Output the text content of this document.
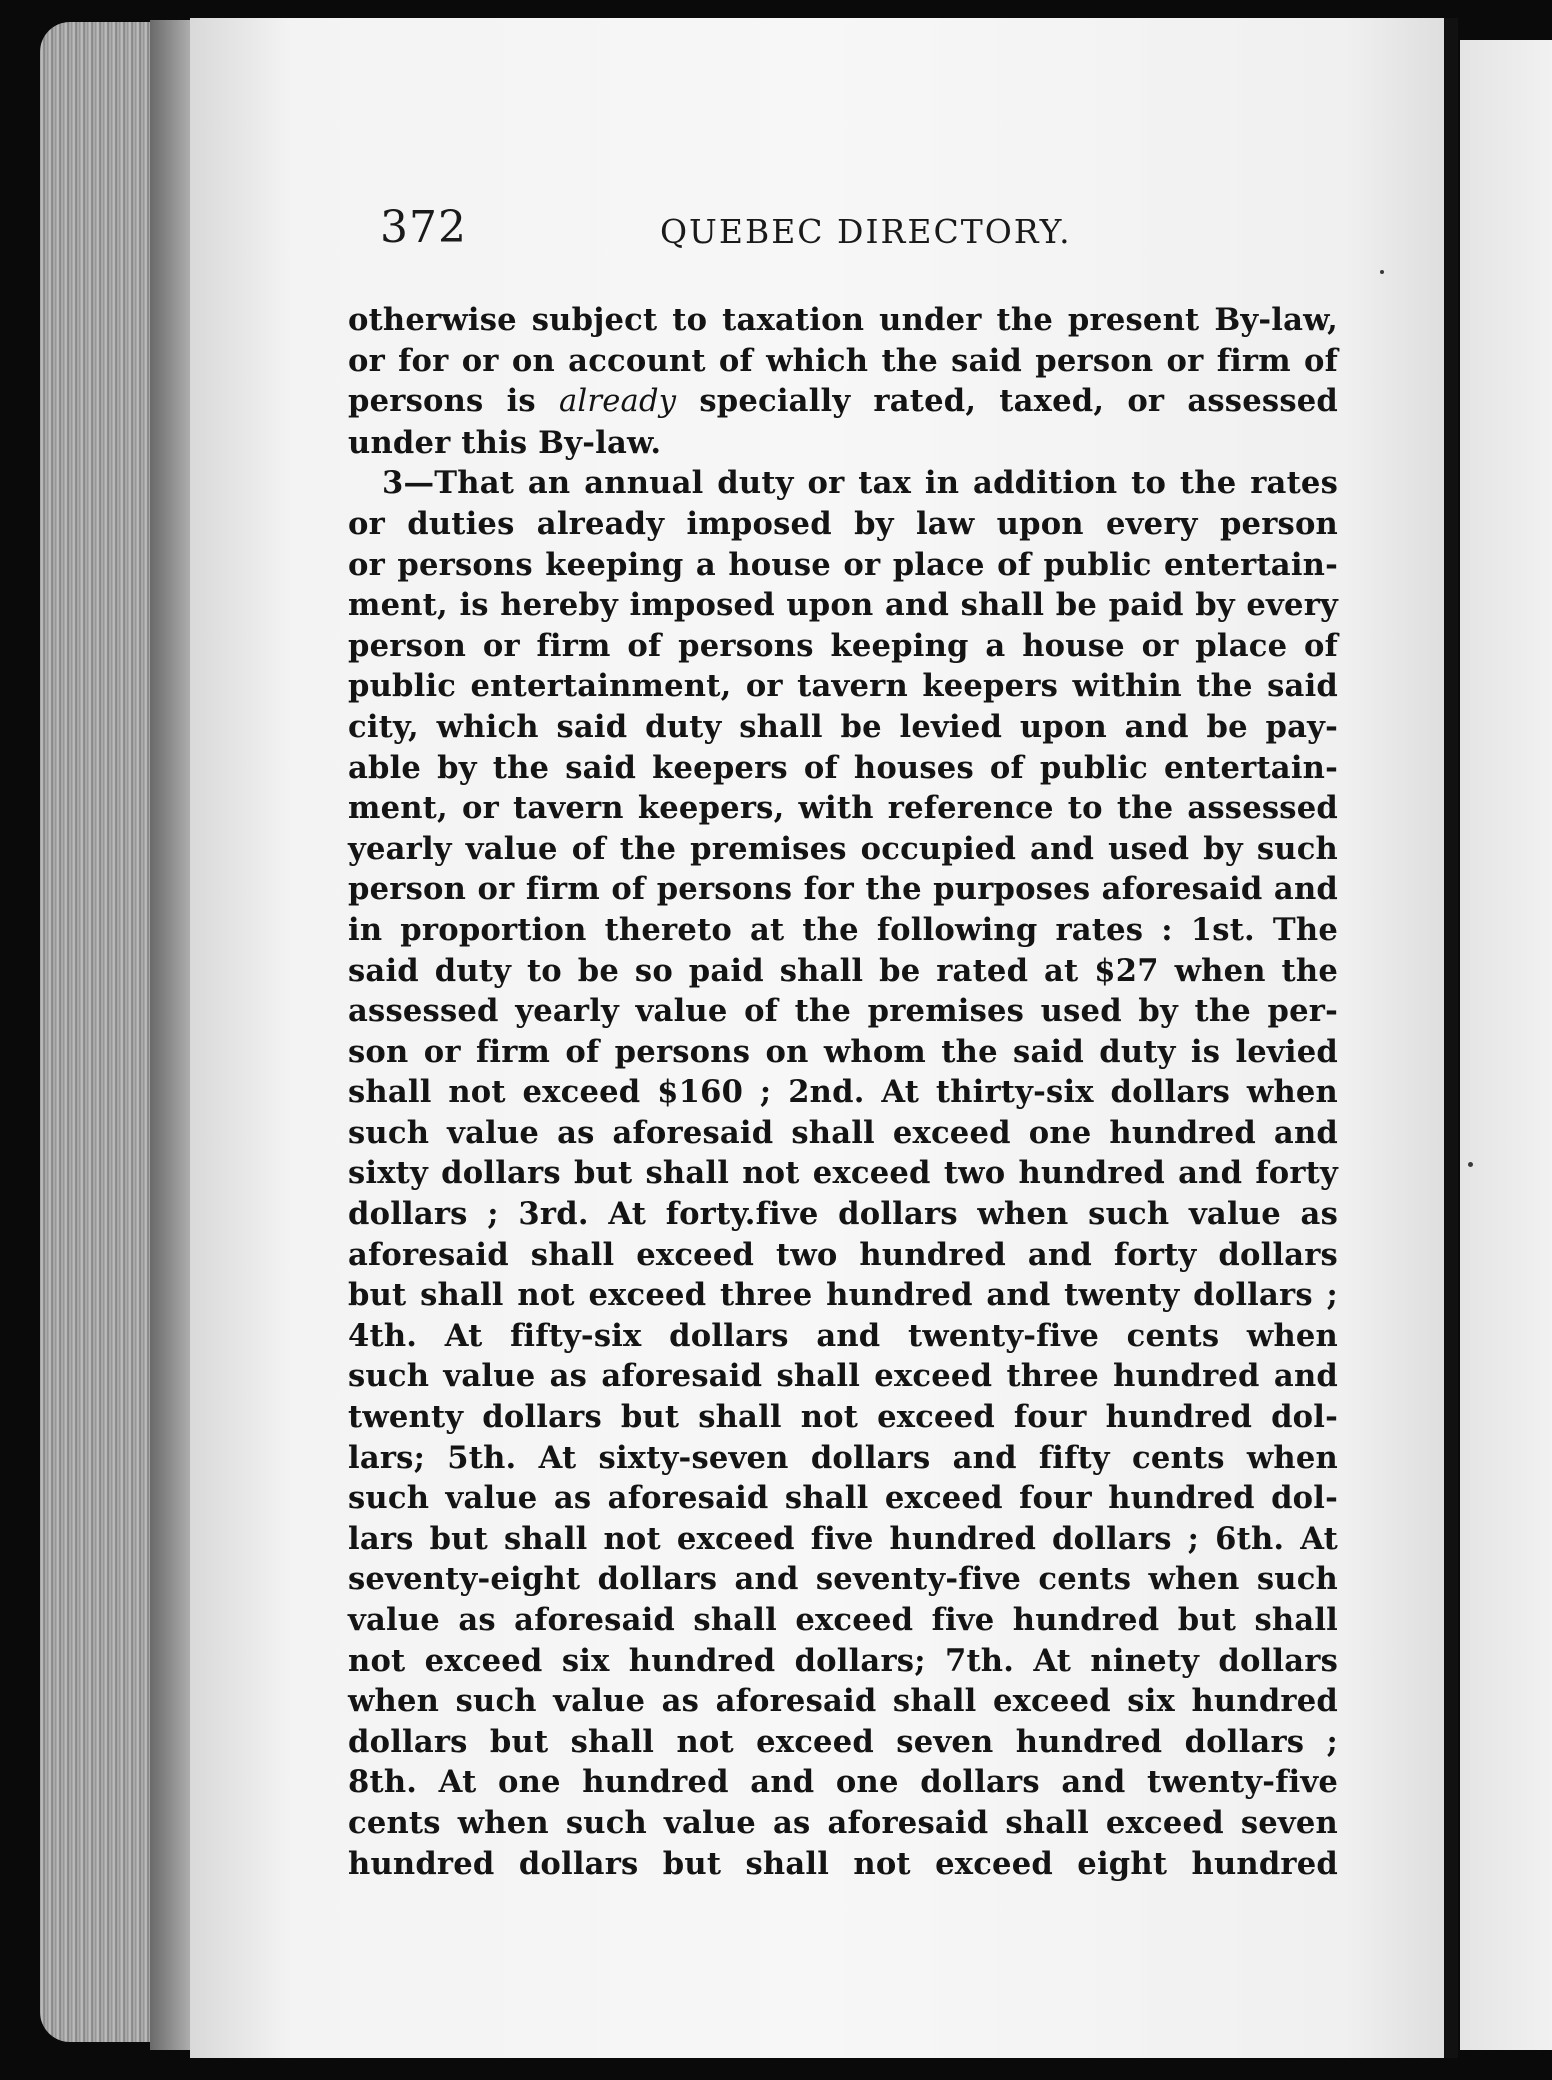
372	QUEBEC DIRECTORY.
otherwise subject to taxation under the present By-law,
or for or on account of which the said person or firm of
persons is already specially rated, taxed, or assessed
under this By-law.
3—That an annual duty or tax in addition to the rates
or duties already imposed by law upon every person
or persons keeping a house or place of public entertain-
ment, is hereby imposed upon and shall be paid by every
person or firm of persons keeping a house or place of
public entertainment, or tavern keepers within the said
city, which said duty shall be levied upon and be pay-
able by the said keepers of houses of public entertain-
ment, or tavern keepers, with reference to the assessed
yearly value of the premises occupied and used by such
person or firm of persons for the purposes aforesaid and
in proportion thereto at the following rates : 1st. The
said duty to be so paid shall be rated at $27 when the
assessed yearly value of the premises used by the per-
son or firm of persons on whom the said duty is levied
shall not exceed $160 ; 2nd. At thirty-six dollars when
such value as aforesaid shall exceed one hundred and
sixty dollars but shall not exceed two hundred and forty
dollars ; 3rd. At forty.five dollars when such value as
aforesaid shall exceed two hundred and forty dollars
but shall not exceed three hundred and twenty dollars ;
4th. At fifty-six dollars and twenty-five cents when
such value as aforesaid shall exceed three hundred and
twenty dollars but shall not exceed four hundred dol-
lars; 5th. At sixty-seven dollars and fifty cents when
such value as aforesaid shall exceed four hundred dol-
lars but shall not exceed five hundred dollars ; 6th. At
seventy-eight dollars and seventy-five cents when such
value as aforesaid shall exceed five hundred but shall
not exceed six hundred dollars; 7th. At ninety dollars
when such value as aforesaid shall exceed six hundred
dollars but shall not exceed seven hundred dollars ;
8th. At one hundred and one dollars and twenty-five
cents when such value as aforesaid shall exceed seven
hundred dollars but shall not exceed eight hundred
